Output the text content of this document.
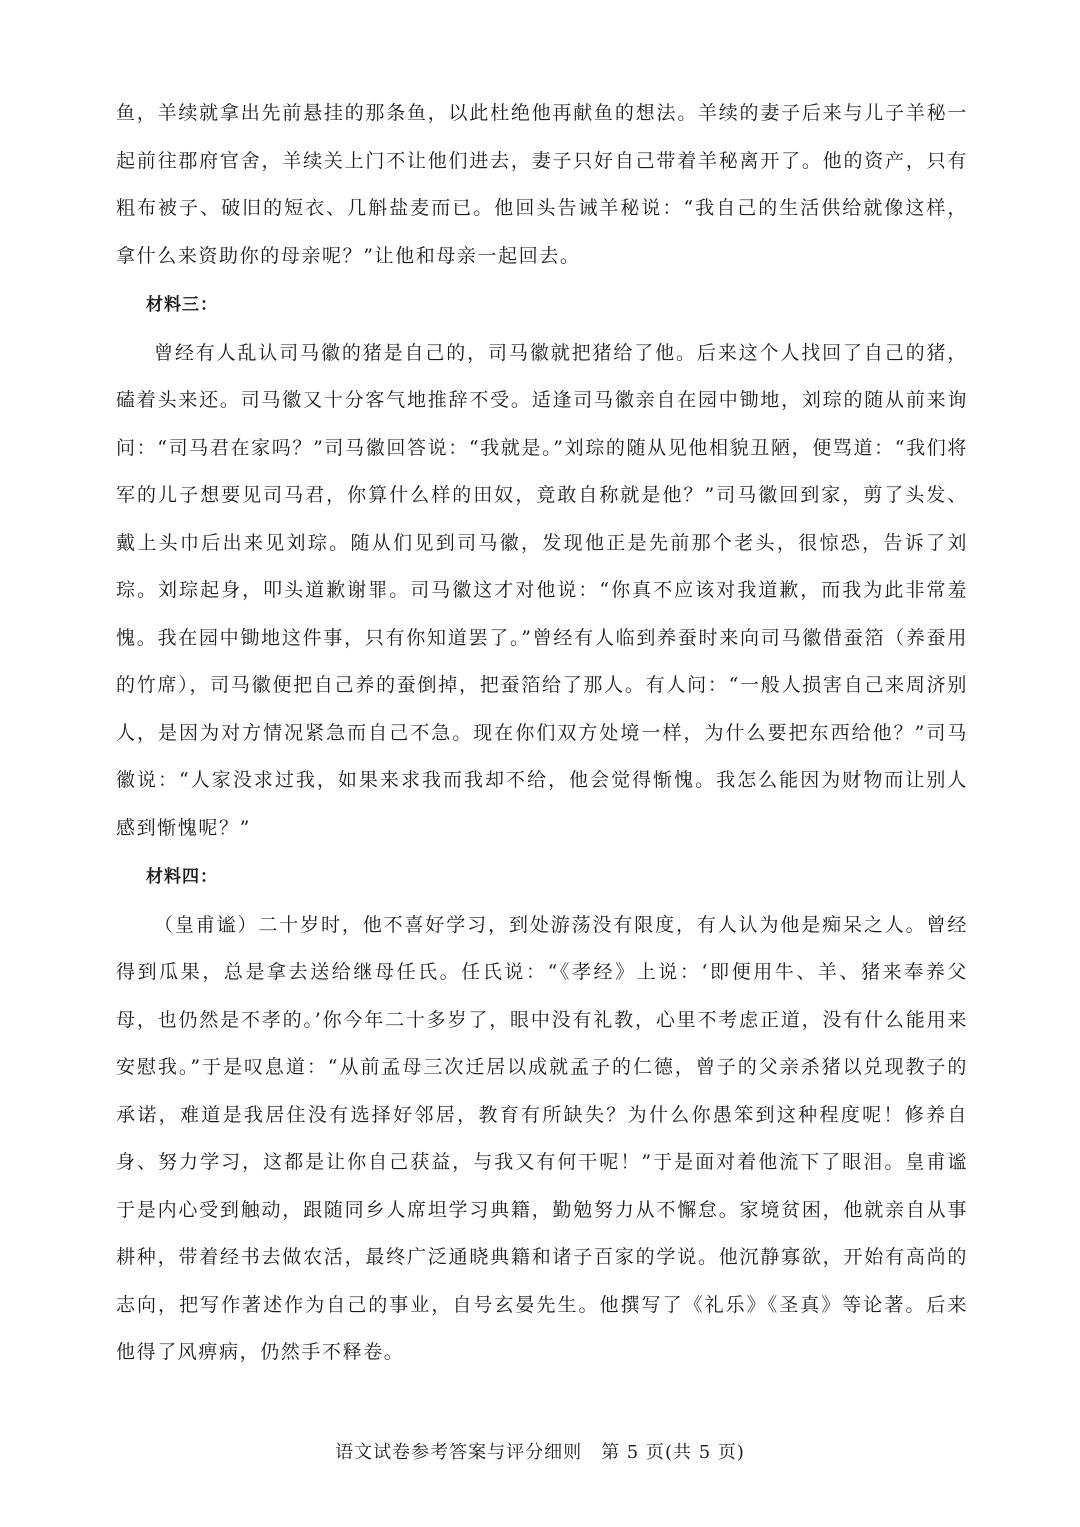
鱼，羊续就拿出先前悬挂的那条鱼，以此杜绝他再献鱼的想法。羊续的妻子后来与儿子羊秘一起前往郡府官舍，羊续关上门不让他们进去，妻子只好自己带着羊秘离开了。他的资产，只有粗布被子、破旧的短衣、几斛盐麦而已。他回头告诫羊秘说：“我自己的生活供给就像这样，拿什么来资助你的母亲呢？”让他和母亲一起回去。

材料三：

曾经有人乱认司马徽的猪是自己的，司马徽就把猪给了他。后来这个人找回了自己的猪，磕着头来还。司马徽又十分客气地推辞不受。适逢司马徽亲自在园中锄地，刘琮的随从前来询问：“司马君在家吗？”司马徽回答说：“我就是。”刘琮的随从见他相貌丑陋，便骂道：“我们将军的儿子想要见司马君，你算什么样的田奴，竟敢自称就是他？”司马徽回到家，剪了头发、戴上头巾后出来见刘琮。随从们见到司马徽，发现他正是先前那个老头，很惊恐，告诉了刘琮。刘琮起身，叩头道歉谢罪。司马徽这才对他说：“你真不应该对我道歉，而我为此非常羞愧。我在园中锄地这件事，只有你知道罢了。”曾经有人临到养蚕时来向司马徽借蚕箔（养蚕用的竹席），司马徽便把自己养的蚕倒掉，把蚕箔给了那人。有人问：“一般人损害自己来周济别人，是因为对方情况紧急而自己不急。现在你们双方处境一样，为什么要把东西给他？”司马徽说：“人家没求过我，如果来求我而我却不给，他会觉得惭愧。我怎么能因为财物而让别人感到惭愧呢？”

材料四：

（皇甫谧）二十岁时，他不喜好学习，到处游荡没有限度，有人认为他是痴呆之人。曾经得到瓜果，总是拿去送给继母任氏。任氏说：“《孝经》上说：‘即便用牛、羊、猪来奉养父母，也仍然是不孝的。’你今年二十多岁了，眼中没有礼教，心里不考虑正道，没有什么能用来安慰我。”于是叹息道：“从前孟母三次迁居以成就孟子的仁德，曾子的父亲杀猪以兑现教子的承诺，难道是我居住没有选择好邻居，教育有所缺失？为什么你愚笨到这种程度呢！修养自身、努力学习，这都是让你自己获益，与我又有何干呢！”于是面对着他流下了眼泪。皇甫谧于是内心受到触动，跟随同乡人席坦学习典籍，勤勉努力从不懈怠。家境贫困，他就亲自从事耕种，带着经书去做农活，最终广泛通晓典籍和诸子百家的学说。他沉静寡欲，开始有高尚的志向，把写作著述作为自己的事业，自号玄晏先生。他撰写了《礼乐》《圣真》等论著。后来他得了风痹病，仍然手不释卷。

语文试卷参考答案与评分细则　第 5 页(共 5 页)
